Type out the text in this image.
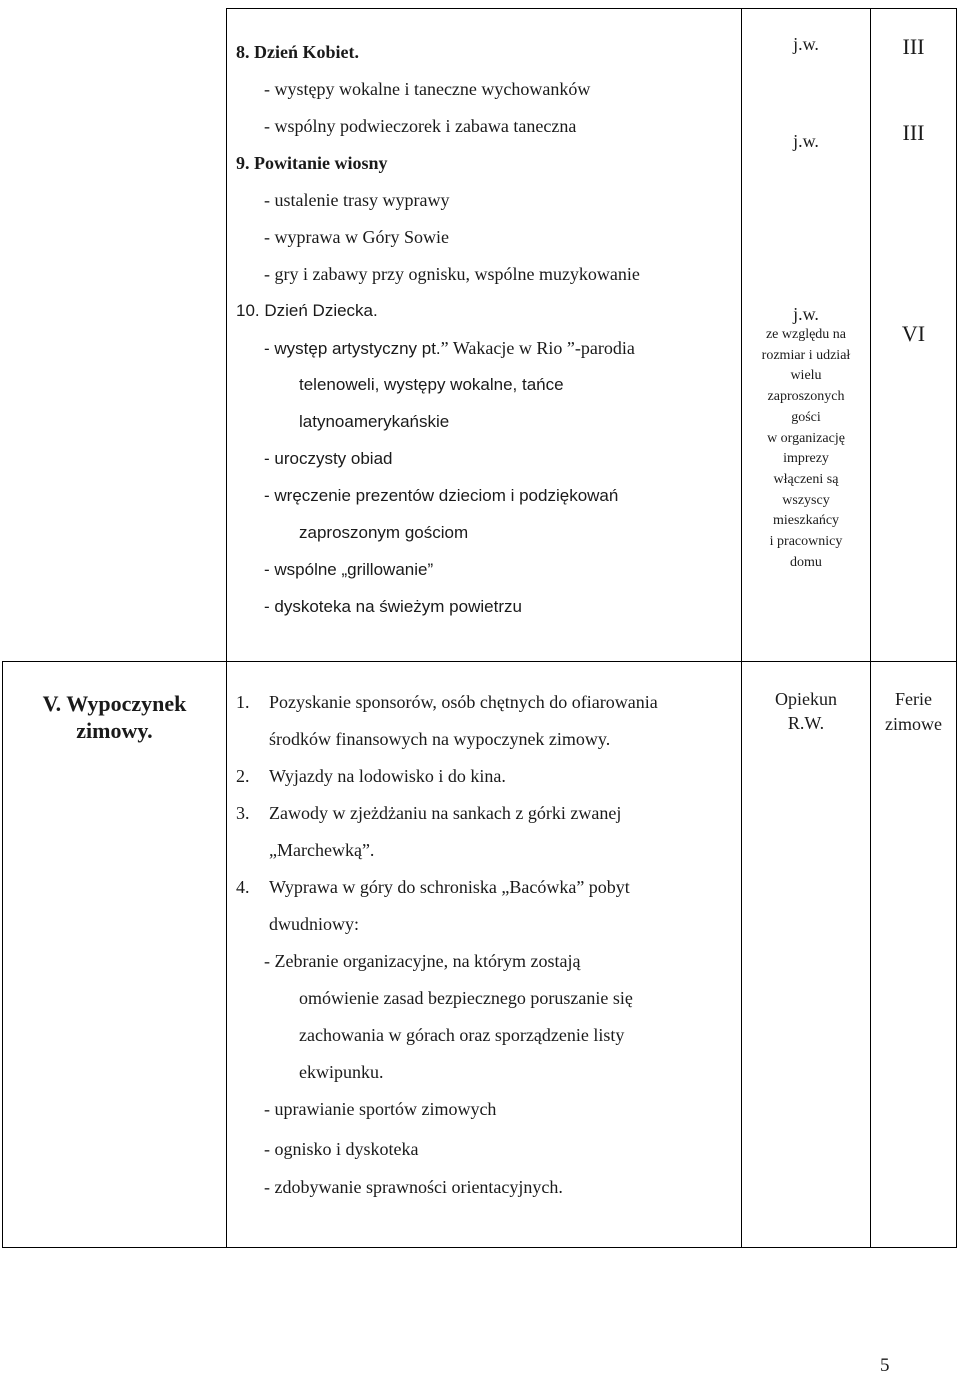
8. Dzień Kobiet.
- występy wokalne i taneczne wychowanków
- wspólny podwieczorek i zabawa taneczna
9. Powitanie wiosny
- ustalenie trasy wyprawy
- wyprawa w Góry Sowie
- gry i zabawy przy ognisku, wspólne muzykowanie
10. Dzień Dziecka.
- występ artystyczny pt.” Wakacje w Rio ”-parodia
telenoweli, występy wokalne, tańce
latynoamerykańskie
- uroczysty obiad
- wręczenie prezentów dzieciom i podziękowań
zaproszonym gościom
- wspólne „grillowanie”
- dyskoteka na świeżym powietrzu
j.w.
j.w.
j.w.
ze względu na
rozmiar i udział
wielu
zaproszonych
gości
w organizację
imprezy
włączeni są
wszyscy
mieszkańcy
i pracownicy
domu
III
III
VI
V. Wypoczynek
zimowy.
1. Pozyskanie sponsorów, osób chętnych do ofiarowania
środków finansowych na wypoczynek zimowy.
2. Wyjazdy na lodowisko i do kina.
3. Zawody w zjeżdżaniu na sankach z górki zwanej
„Marchewką”.
4. Wyprawa w góry do schroniska „Bacówka” pobyt
dwudniowy:
- Zebranie organizacyjne, na którym zostają
omówienie zasad bezpiecznego poruszanie się
zachowania w górach oraz sporządzenie listy
ekwipunku.
- uprawianie sportów zimowych
- ognisko i dyskoteka
- zdobywanie sprawności orientacyjnych.
Opiekun
R.W.
Ferie
zimowe
5
